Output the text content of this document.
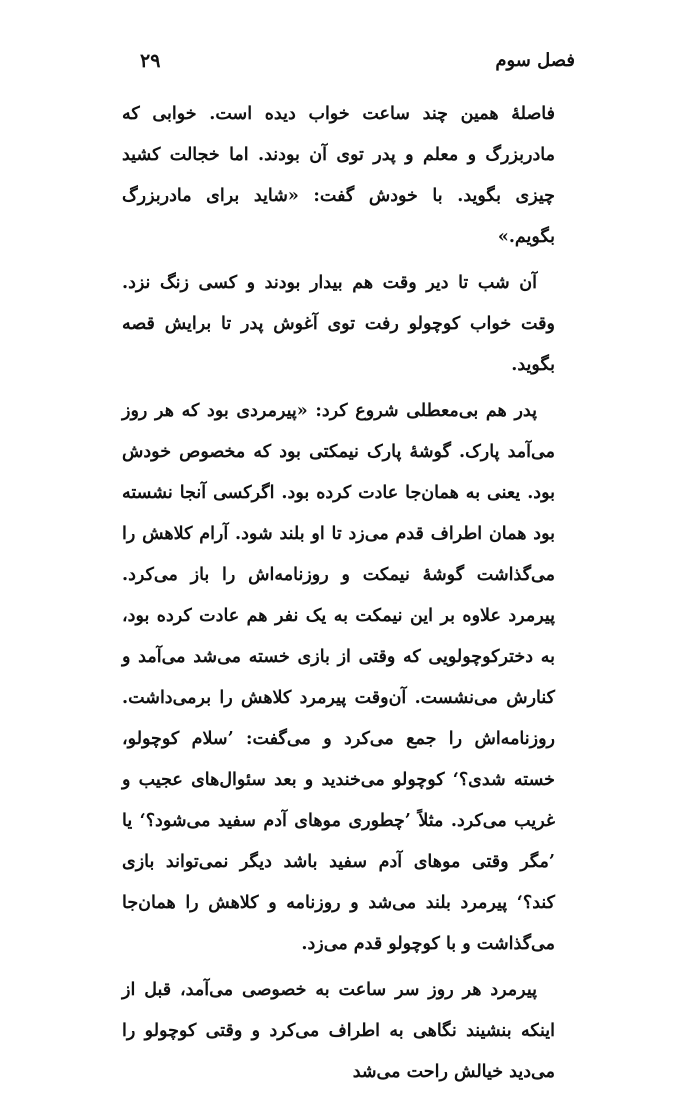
فصل سوم
۲۹

فاصلهٔ همین چند ساعت خواب دیده است. خوابی که مادربزرگ و معلم و پدر توی آن بودند. اما خجالت کشید چیزی بگوید. با خودش گفت: «شاید برای مادربزرگ بگویم.»

آن شب تا دیر وقت هم بیدار بودند و کسی زنگ نزد. وقت خواب کوچولو رفت توی آغوش پدر تا برایش قصه بگوید.

پدر هم بی‌معطلی شروع کرد: «پیرمردی بود که هر روز می‌آمد پارک. گوشهٔ پارک نیمکتی بود که مخصوص خودش بود. یعنی به همان‌جا عادت کرده بود. اگرکسی آنجا نشسته بود همان اطراف قدم می‌زد تا او بلند شود. آرام کلاهش را می‌گذاشت گوشهٔ نیمکت و روزنامه‌اش را باز می‌کرد. پیرمرد علاوه بر این نیمکت به یک نفر هم عادت کرده بود، به دخترکوچولویی که وقتی از بازی خسته می‌شد می‌آمد و کنارش می‌نشست. آن‌وقت پیرمرد کلاهش را برمی‌داشت. روزنامه‌اش را جمع می‌کرد و می‌گفت: ’سلام کوچولو، خسته شدی؟‘ کوچولو می‌خندید و بعد سئوال‌های عجیب و غریب می‌کرد. مثلاً ’چطوری موهای آدم سفید می‌شود؟‘ یا ’مگر وقتی موهای آدم سفید باشد دیگر نمی‌تواند بازی کند؟‘ پیرمرد بلند می‌شد و روزنامه و کلاهش را همان‌جا می‌گذاشت و با کوچولو قدم می‌زد.

پیرمرد هر روز سر ساعت به خصوصی می‌آمد، قبل از اینکه بنشیند نگاهی به اطراف می‌کرد و وقتی کوچولو را می‌دید خیالش راحت می‌شد
